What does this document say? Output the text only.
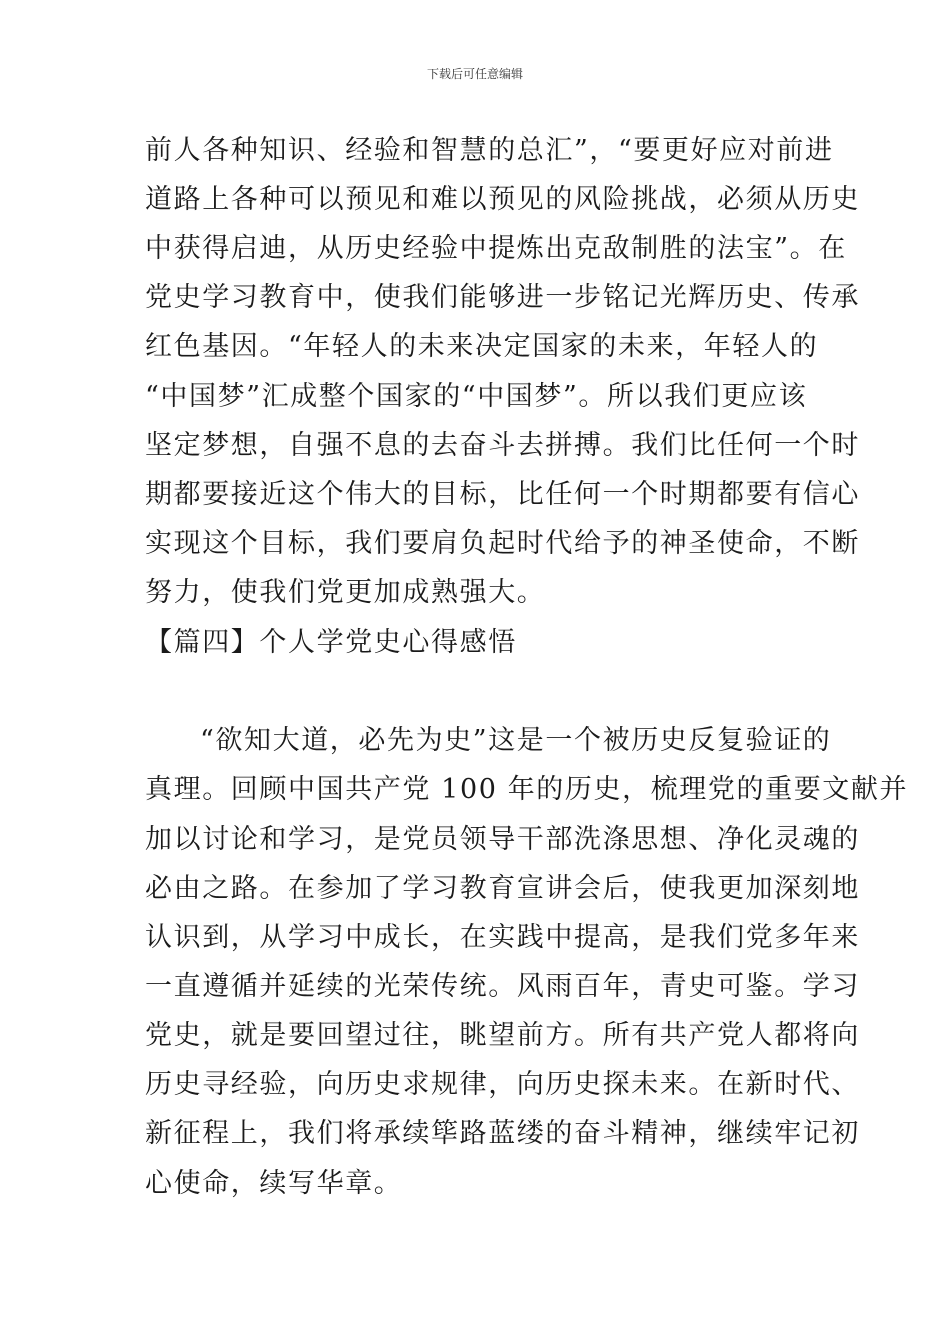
下载后可任意编辑
前人各种知识、经验和智慧的总汇”，“要更好应对前进
道路上各种可以预见和难以预见的风险挑战，必须从历史
中获得启迪，从历史经验中提炼出克敌制胜的法宝”。在
党史学习教育中，使我们能够进一步铭记光辉历史、传承
红色基因。“年轻人的未来决定国家的未来，年轻人的
“中国梦”汇成整个国家的“中国梦”。所以我们更应该
坚定梦想，自强不息的去奋斗去拼搏。我们比任何一个时
期都要接近这个伟大的目标，比任何一个时期都要有信心
实现这个目标，我们要肩负起时代给予的神圣使命，不断
努力，使我们党更加成熟强大。
【篇四】个人学党史心得感悟
“欲知大道，必先为史”这是一个被历史反复验证的
真理。回顾中国共产党 100 年的历史，梳理党的重要文献并
加以讨论和学习，是党员领导干部洗涤思想、净化灵魂的
必由之路。在参加了学习教育宣讲会后，使我更加深刻地
认识到，从学习中成长，在实践中提高，是我们党多年来
一直遵循并延续的光荣传统。风雨百年，青史可鉴。学习
党史，就是要回望过往，眺望前方。所有共产党人都将向
历史寻经验，向历史求规律，向历史探未来。在新时代、
新征程上，我们将承续筚路蓝缕的奋斗精神，继续牢记初
心使命，续写华章。
